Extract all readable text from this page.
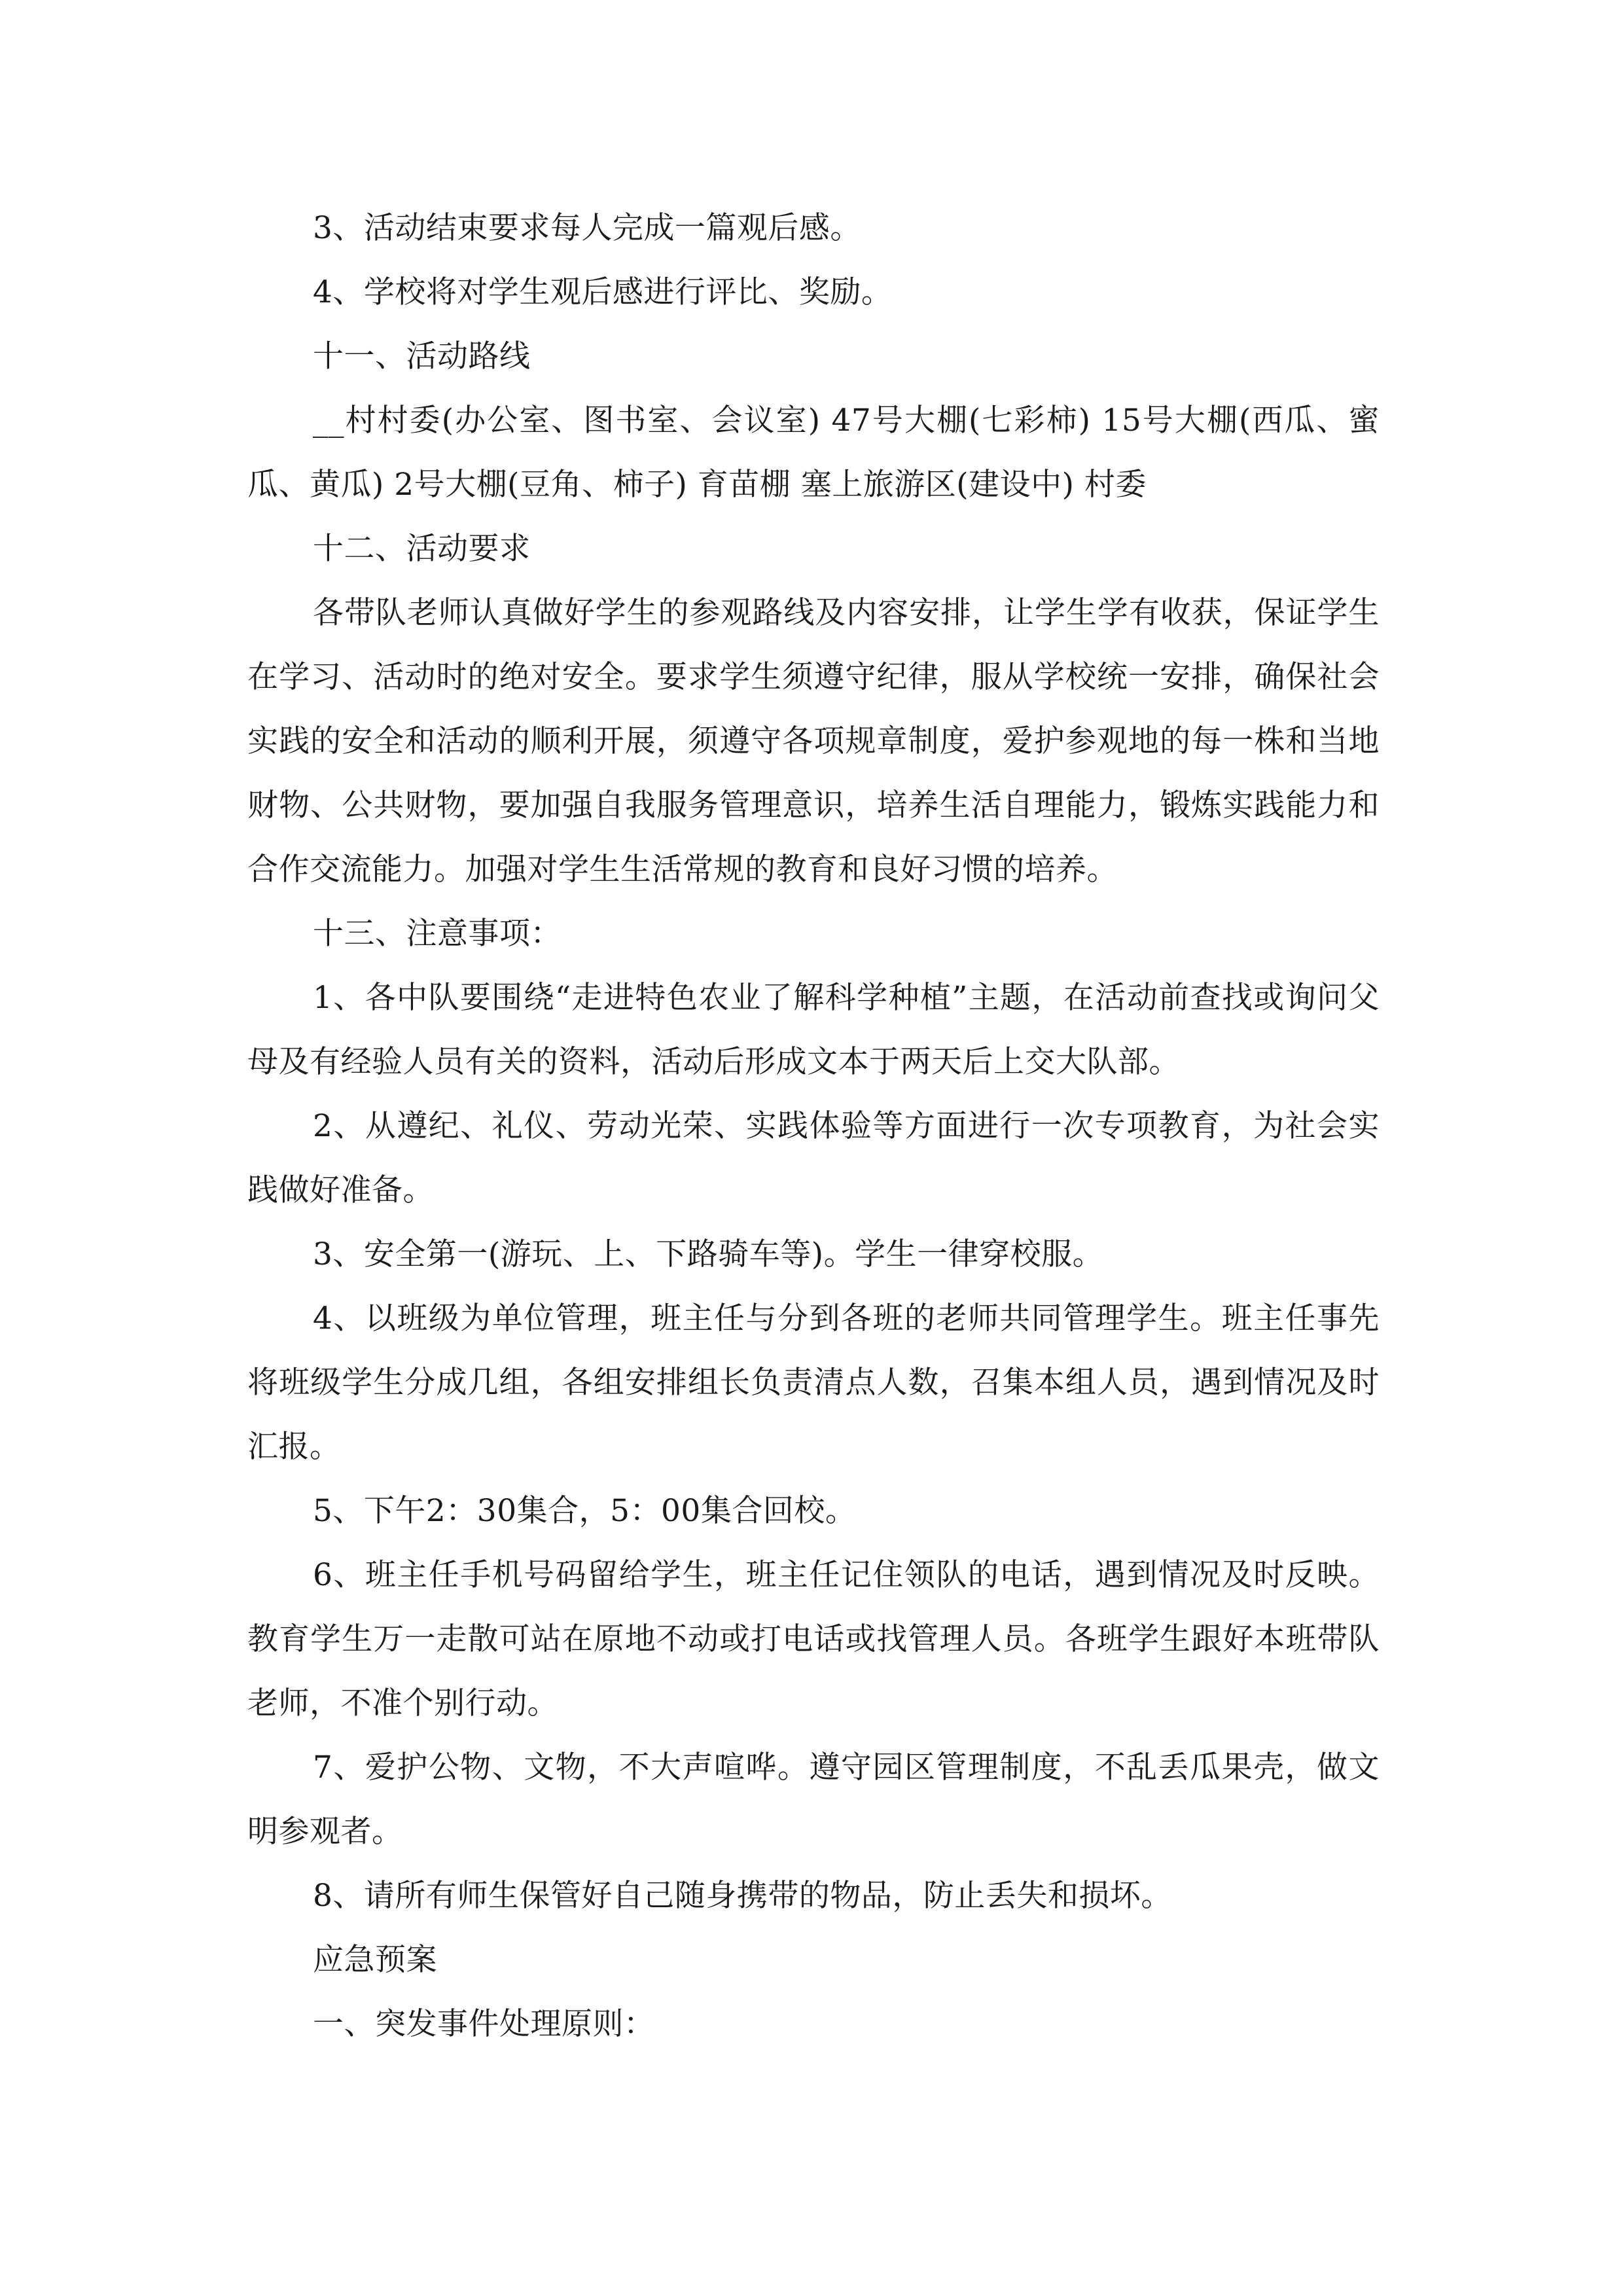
3、活动结束要求每人完成一篇观后感。

4、学校将对学生观后感进行评比、奖励。

十一、活动路线

__村村委(办公室、图书室、会议室) 47号大棚(七彩柿) 15号大棚(西瓜、蜜瓜、黄瓜) 2号大棚(豆角、柿子) 育苗棚 塞上旅游区(建设中) 村委

十二、活动要求

各带队老师认真做好学生的参观路线及内容安排，让学生学有收获，保证学生在学习、活动时的绝对安全。要求学生须遵守纪律，服从学校统一安排，确保社会实践的安全和活动的顺利开展，须遵守各项规章制度，爱护参观地的每一株和当地财物、公共财物，要加强自我服务管理意识，培养生活自理能力，锻炼实践能力和合作交流能力。加强对学生生活常规的教育和良好习惯的培养。

十三、注意事项：

1、各中队要围绕“走进特色农业了解科学种植”主题，在活动前查找或询问父母及有经验人员有关的资料，活动后形成文本于两天后上交大队部。

2、从遵纪、礼仪、劳动光荣、实践体验等方面进行一次专项教育，为社会实践做好准备。

3、安全第一(游玩、上、下路骑车等)。学生一律穿校服。

4、以班级为单位管理，班主任与分到各班的老师共同管理学生。班主任事先将班级学生分成几组，各组安排组长负责清点人数，召集本组人员，遇到情况及时汇报。

5、下午2：30集合，5：00集合回校。

6、班主任手机号码留给学生，班主任记住领队的电话，遇到情况及时反映。教育学生万一走散可站在原地不动或打电话或找管理人员。各班学生跟好本班带队老师，不准个别行动。

7、爱护公物、文物，不大声喧哗。遵守园区管理制度，不乱丢瓜果壳，做文明参观者。

8、请所有师生保管好自己随身携带的物品，防止丢失和损坏。

应急预案

一、突发事件处理原则：
